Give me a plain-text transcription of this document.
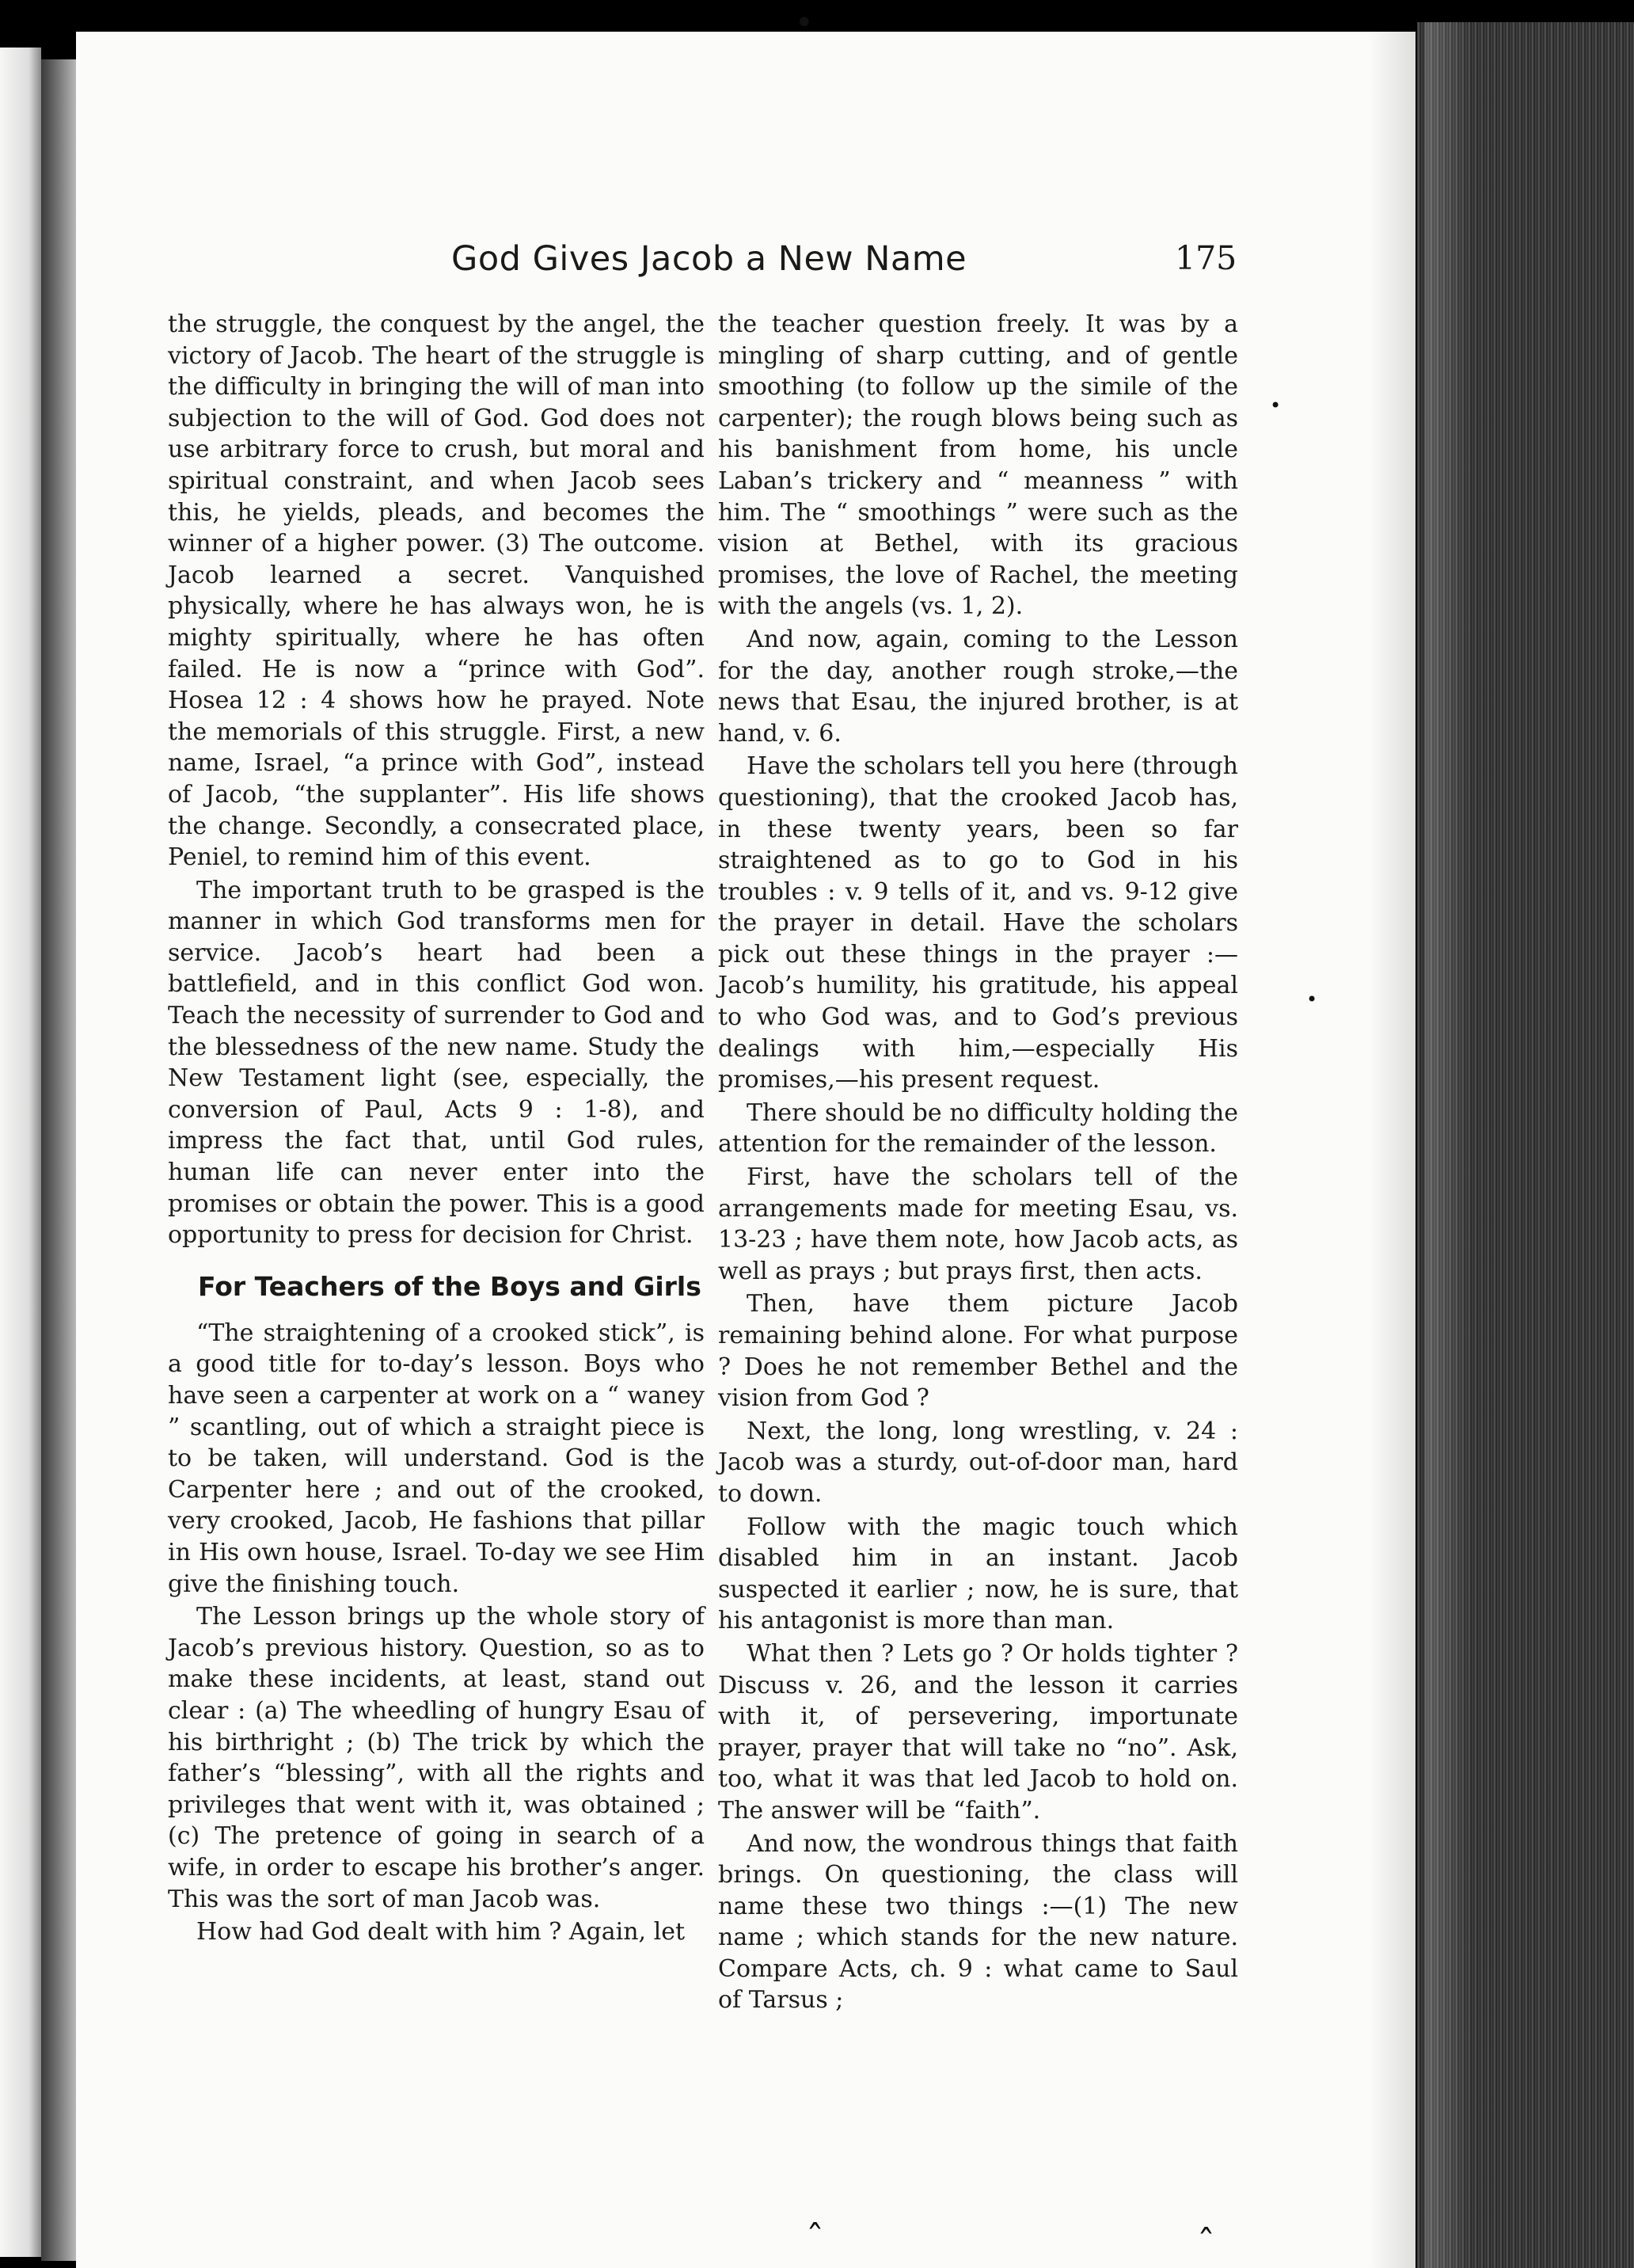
•
ˆ	ˆ
•
•
God Gives Jacob a New Name	175

the struggle, the conquest by the angel, the victory of Jacob. The heart of the struggle is the difficulty in bringing the will of man into subjection to the will of God. God does not use arbitrary force to crush, but moral and spiritual constraint, and when Jacob sees this, he yields, pleads, and becomes the winner of a higher power. (3) The outcome. Jacob learned a secret. Vanquished physically, where he has always won, he is mighty spiritually, where he has often failed. He is now a “prince with God”. Hosea 12 : 4 shows how he prayed. Note the memorials of this struggle. First, a new name, Israel, “a prince with God”, instead of Jacob, “the supplanter”. His life shows the change. Secondly, a consecrated place, Peniel, to remind him of this event.

The important truth to be grasped is the manner in which God transforms men for service. Jacob’s heart had been a battlefield, and in this conflict God won. Teach the necessity of surrender to God and the blessedness of the new name. Study the New Testament light (see, especially, the conversion of Paul, Acts 9 : 1-8), and impress the fact that, until God rules, human life can never enter into the promises or obtain the power. This is a good opportunity to press for decision for Christ.

For Teachers of the Boys and Girls

“The straightening of a crooked stick”, is a good title for to-day’s lesson. Boys who have seen a carpenter at work on a “ waney ” scantling, out of which a straight piece is to be taken, will understand. God is the Carpenter here ; and out of the crooked, very crooked, Jacob, He fashions that pillar in His own house, Israel. To-day we see Him give the finishing touch.

The Lesson brings up the whole story of Jacob’s previous history. Question, so as to make these incidents, at least, stand out clear : (a) The wheedling of hungry Esau of his birthright ; (b) The trick by which the father’s “blessing”, with all the rights and privileges that went with it, was obtained ; (c) The pretence of going in search of a wife, in order to escape his brother’s anger. This was the sort of man Jacob was.

How had God dealt with him ? Again, let

the teacher question freely. It was by a mingling of sharp cutting, and of gentle smoothing (to follow up the simile of the carpenter); the rough blows being such as his banishment from home, his uncle Laban’s trickery and “ meanness ” with him. The “ smoothings ” were such as the vision at Bethel, with its gracious promises, the love of Rachel, the meeting with the angels (vs. 1, 2).

And now, again, coming to the Lesson for the day, another rough stroke,—the news that Esau, the injured brother, is at hand, v. 6.

Have the scholars tell you here (through questioning), that the crooked Jacob has, in these twenty years, been so far straightened as to go to God in his troubles : v. 9 tells of it, and vs. 9-12 give the prayer in detail. Have the scholars pick out these things in the prayer :—Jacob’s humility, his gratitude, his appeal to who God was, and to God’s previous dealings with him,—especially His promises,—his present request.

There should be no difficulty holding the attention for the remainder of the lesson.

First, have the scholars tell of the arrangements made for meeting Esau, vs. 13-23 ; have them note, how Jacob acts, as well as prays ; but prays first, then acts.

Then, have them picture Jacob remaining behind alone. For what purpose ? Does he not remember Bethel and the vision from God ?

Next, the long, long wrestling, v. 24 : Jacob was a sturdy, out-of-door man, hard to down.

Follow with the magic touch which disabled him in an instant. Jacob suspected it earlier ; now, he is sure, that his antagonist is more than man.

What then ? Lets go ? Or holds tighter ? Discuss v. 26, and the lesson it carries with it, of persevering, importunate prayer, prayer that will take no “no”. Ask, too, what it was that led Jacob to hold on. The answer will be “faith”.

And now, the wondrous things that faith brings. On questioning, the class will name these two things :—(1) The new name ; which stands for the new nature. Compare Acts, ch. 9 : what came to Saul of Tarsus ;
